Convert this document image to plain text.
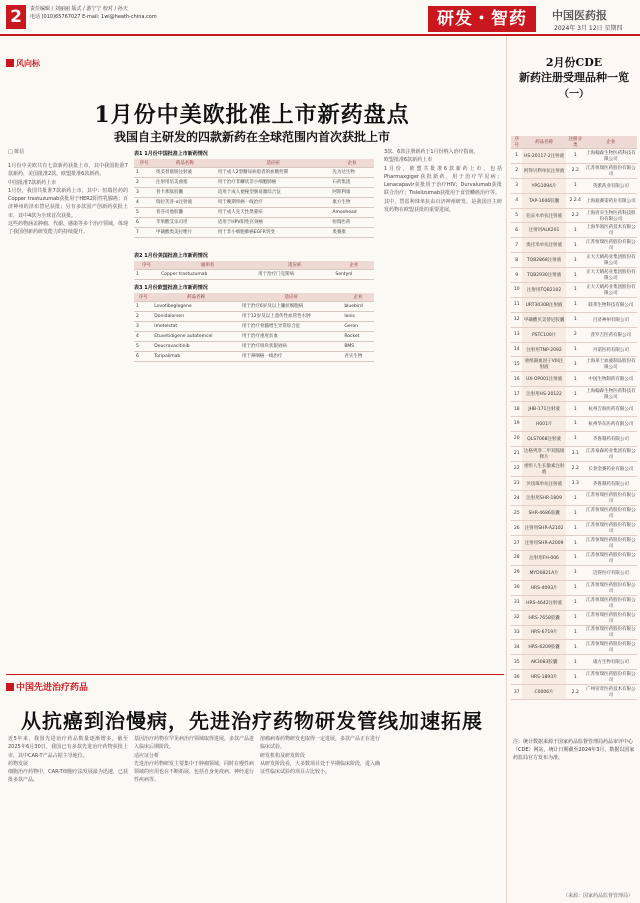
2	责任编辑 / 刘丽丽 版式 / 游宁宁 校对 / 孙天
电话 (010)65767027 E-mail: 1wl@heath-china.com	研发・智药	中国医药报
2024年 3月 12日 星期四
风向标
1月份中美欧批准上市新药盘点
我国自主研发的四款新药在全球范围内首次获批上市
□ 陈信
1月份中美欧共有七款新药获批上市，其中我国批准7款新药，美国批准2款，欧盟批准6款新药。
中国批准7款新药上市
1月份，我国共批准7款新药上市，其中：恒瑞医药的Copper trastuzumab获批用于HER2阳性乳腺癌；百济神州的泽布替尼获批；另有多款国产创新药获批上市，其中4款为全球首次获批。
这些药物涵盖肿瘤、代谢、感染等多个治疗领域，体现了我国创新药研发能力的持续提升。
3款、6款注册新药于1月份纳入治疗指南。
欧盟批准6款新药上市
1月份，欧盟共批准6款新药上市，包括Pharmaxgiger获批新药，用于治疗罕见病；Lenacapavir获批用于治疗HIV；Durvalumab获批联合治疗；Tislelizumab获批用于食管鳞癌治疗等。
其中，替雷利珠单抗由百济神州研发，是我国自主研发药物在欧盟获批的重要进展。
表1 1月份中国批准上市新药情况
序号	药品名称	适应症	企业
1	奥美替康钠注射液	用于成人2型糖尿病患者的血糖控制	先为达生物
2	注射用培美曲塞	用于治疗非鳞状非小细胞肺癌	石药集团
3	普卡那肽胶囊	适用于成人便秘型肠易激综合征	阿斯利康
4	瑞拉芙普-α注射液	用于晚期胃癌一线治疗	康方生物
5	普芬司他胶囊	用于成人先天性黑蒙症	Amonhead
6	苹果酸艾乐司坦	适用于HPV阳性宫颈癌	恒瑞医药
7	甲磺酸奥美拉唑片	用于非小细胞肺癌EGFR突变	奥赛康
表2 1月份美国批准上市新药情况
序号	通用名	适应症	企业
1	Copper trastuzumab	用于治疗门克斯病	Sentynl
表3 1月份欧盟批准上市新药情况
序号	药品名称	适应症	企业
1	Lovotibeglogene	用于治疗6岁及以上镰状细胞病	bluebird
2	Donidalorsen	用于12岁及以上遗传性血管性水肿	Ionis
3	Imetelstat	用于治疗骨髓增生异常综合征	Geron
4	Etuvetidigene autotemcel	用于治疗重度贫血	Rocket
5	Deucravacitinib	用于治疗斑块状银屑病	BMS
6	Toripalimab	用于鼻咽癌一线治疗	君实生物
中国先进治疗药品
从抗癌到治慢病，先进治疗药物研发管线加速拓展
近5年来，我国先进治疗药品数量逐渐增多。截至2025年6月30日，我国已有多款先进治疗药物获批上市，其中CAR-T产品占据主导地位。
药物发展
细胞治疗药物中，CAR-T细胞疗法发展最为迅速，已获批多款产品。
基因治疗药物在罕见病治疗领域取得进展，多款产品进入临床后期阶段。
适应证分析
先进治疗药物研发主要集中于肿瘤领域，同时在慢性病领域的应用也在不断拓展，包括自身免疫病、神经退行性疾病等。
溶瘤病毒药物研发也取得一定进展，多款产品正在进行临床试验。
研发机构及研发阶段
从研发阶段看，大多数项目处于早期临床阶段，进入确证性临床试验的项目占比较小。
2月份CDE
新药注册受理品种一览
（一）
序号	药品名称	注册分类	企业
1	HS-20117-2注射液	1	上海翰森生物医药科技有限公司
2	阿得贝利单抗注射液	2.2	江苏恒瑞医药股份有限公司
3	YPG1094片	1	英派药业有限公司
4	TAP-1606胶囊	2.2.4	上海迪赛诺药业有限公司
5	伯妥木单抗注射液	2.2	上海君实生物医药科技股份有限公司
6	注射用ALK201	1	上海华领医药技术有限公司
7	奥托米单抗注射液	1	江苏恒瑞医药股份有限公司
8	TQB2868注射液	1	正大天晴药业集团股份有限公司
9	TQB2930注射液	1	正大天晴药业集团股份有限公司
10	注射用TQB2102	1	正大天晴药业集团股份有限公司
11	URT3030B注射液	1	联邦生物科技有限公司
12	甲磺酸贝美替尼胶囊	1	百济神州有限公司
13	PSTC100片	2	普罗吉医药有限公司
14	注射用TNP-2092	1	丹诺医药有限公司
15	重组凝血因子VIII注射液	1	上海莱士血液制品股份有限公司
16	UX-OP001注射液	1	中国生物制药有限公司
17	注射用HS-20122	1	上海翰森生物医药科技有限公司
18	JHB-171注射液	1	杭州吉海医药有限公司
19	H001片	1	杭州华东医药有限公司
20	QLS7068注射液	1	齐鲁制药有限公司
21	达格列净二甲双胍缓释片	3.1	江苏豪森药业集团有限公司
22	重组人生长激素注射液	2.2	长春金赛药业有限公司
23	贝伐珠单抗注射液	3.3	齐鲁制药有限公司
24	注射用SHR-1809	1	江苏恒瑞医药股份有限公司
25	SHR-4686胶囊	1	江苏恒瑞医药股份有限公司
26	注射用SHR-A2102	1	江苏恒瑞医药股份有限公司
27	注射用SHR-A2009	1	江苏恒瑞医药股份有限公司
28	注射用FH-006	1	江苏恒瑞医药股份有限公司
29	MYD0821A片	1	迈得医疗有限公司
30	HRS-4093片	1	江苏恒瑞医药股份有限公司
31	HRS-4642注射液	1	江苏恒瑞医药股份有限公司
32	HRS-7658胶囊	1	江苏恒瑞医药股份有限公司
33	HRS-6719片	1	江苏恒瑞医药股份有限公司
34	HRS-6209胶囊	1	江苏恒瑞医药股份有限公司
35	AK3083胶囊	1	康方生物有限公司
36	HRS-1893片	1	江苏恒瑞医药股份有限公司
37	C0006片	2.2	广州帝奇医药技术有限公司
注：统计数据来源于国家药品监督管理局药品审评中心（CDE）网站，统计日期截至2024年3月，数据以国家药监局官方发布为准。
（来源：国家药品监督管理局）
